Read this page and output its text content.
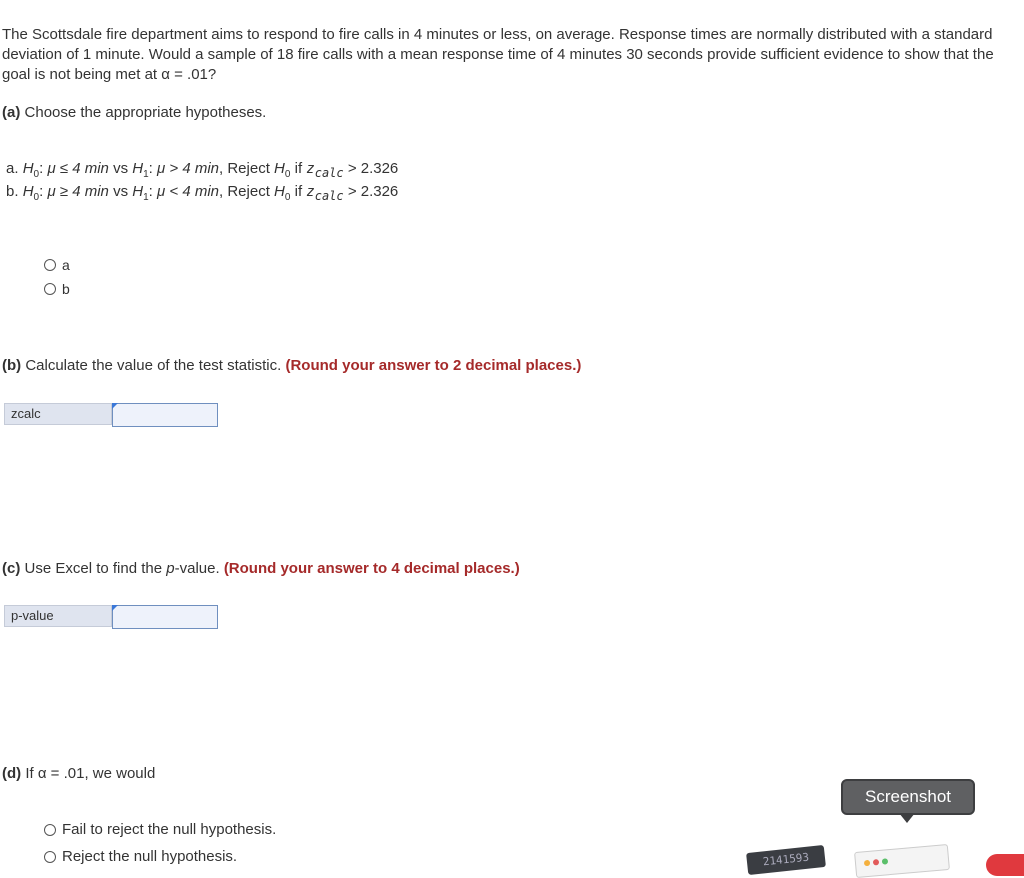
The Scottsdale fire department aims to respond to fire calls in 4 minutes or less, on average. Response times are normally distributed with a standard deviation of 1 minute. Would a sample of 18 fire calls with a mean response time of 4 minutes 30 seconds provide sufficient evidence to show that the goal is not being met at α = .01?
(a) Choose the appropriate hypotheses.
a. $H_0$: μ ≤ 4 min vs $H_1$: μ > 4 min, Reject $H_0$ if $z_{calc} > 2.326$
b. $H_0$: μ ≥ 4 min vs $H_1$: μ < 4 min, Reject $H_0$ if $z_{calc} > 2.326$
a
b
(b) Calculate the value of the test statistic. (Round your answer to 2 decimal places.)
zcalc
(c) Use Excel to find the p-value. (Round your answer to 4 decimal places.)
p-value
(d) If α = .01, we would
Fail to reject the null hypothesis.
Reject the null hypothesis.
Screenshot
2141593
